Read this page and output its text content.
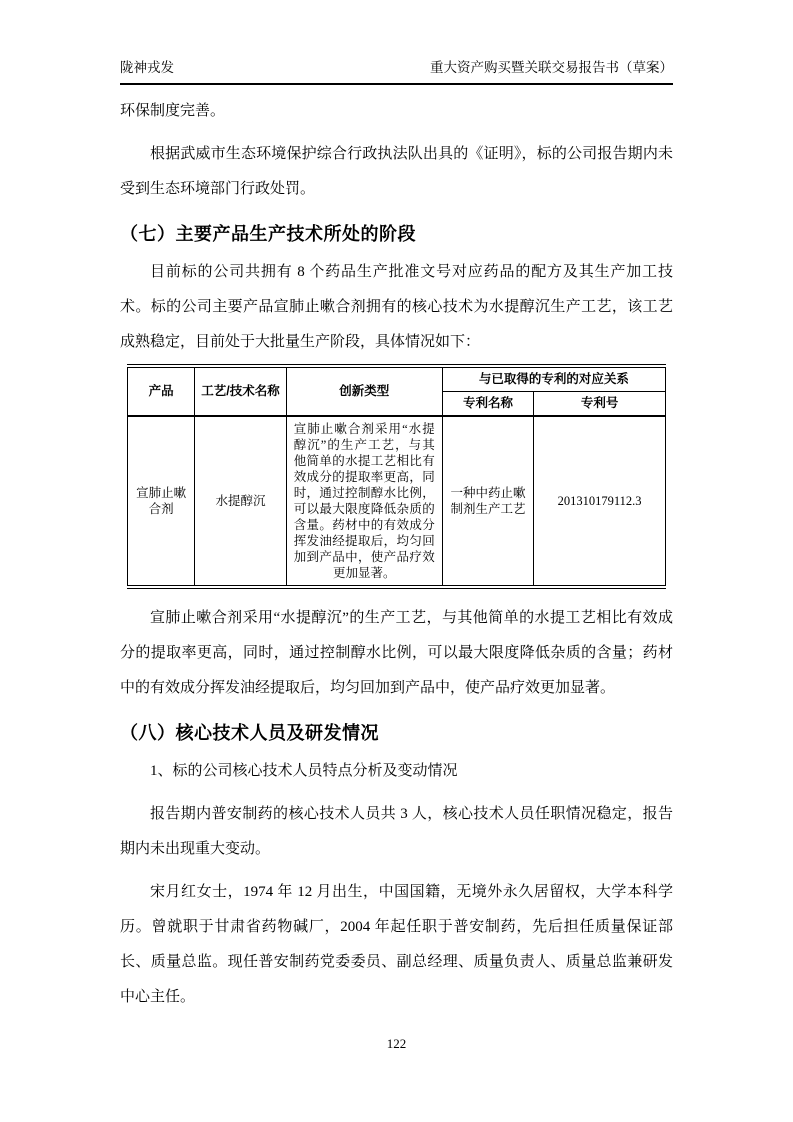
陇神戎发	重大资产购买暨关联交易报告书（草案）

环保制度完善。

根据武威市生态环境保护综合行政执法队出具的《证明》，标的公司报告期内未受到生态环境部门行政处罚。

（七）主要产品生产技术所处的阶段

目前标的公司共拥有 8 个药品生产批准文号对应药品的配方及其生产加工技术。标的公司主要产品宣肺止嗽合剂拥有的核心技术为水提醇沉生产工艺，该工艺成熟稳定，目前处于大批量生产阶段，具体情况如下：

产品	工艺/技术名称	创新类型	与已取得的专利的对应关系	
			专利名称	专利号
宣肺止嗽合剂	水提醇沉	宣肺止嗽合剂采用“水提醇沉”的生产工艺，与其他简单的水提工艺相比有效成分的提取率更高，同时，通过控制醇水比例，可以最大限度降低杂质的含量。药材中的有效成分挥发油经提取后，均匀回加到产品中，使产品疗效更加显著。	一种中药止嗽制剂生产工艺	201310179112.3

宣肺止嗽合剂采用“水提醇沉”的生产工艺，与其他简单的水提工艺相比有效成分的提取率更高，同时，通过控制醇水比例，可以最大限度降低杂质的含量；药材中的有效成分挥发油经提取后，均匀回加到产品中，使产品疗效更加显著。

（八）核心技术人员及研发情况

1、标的公司核心技术人员特点分析及变动情况

报告期内普安制药的核心技术人员共 3 人，核心技术人员任职情况稳定，报告期内未出现重大变动。

宋月红女士，1974 年 12 月出生，中国国籍，无境外永久居留权，大学本科学历。曾就职于甘肃省药物碱厂，2004 年起任职于普安制药，先后担任质量保证部长、质量总监。现任普安制药党委委员、副总经理、质量负责人、质量总监兼研发中心主任。

122
